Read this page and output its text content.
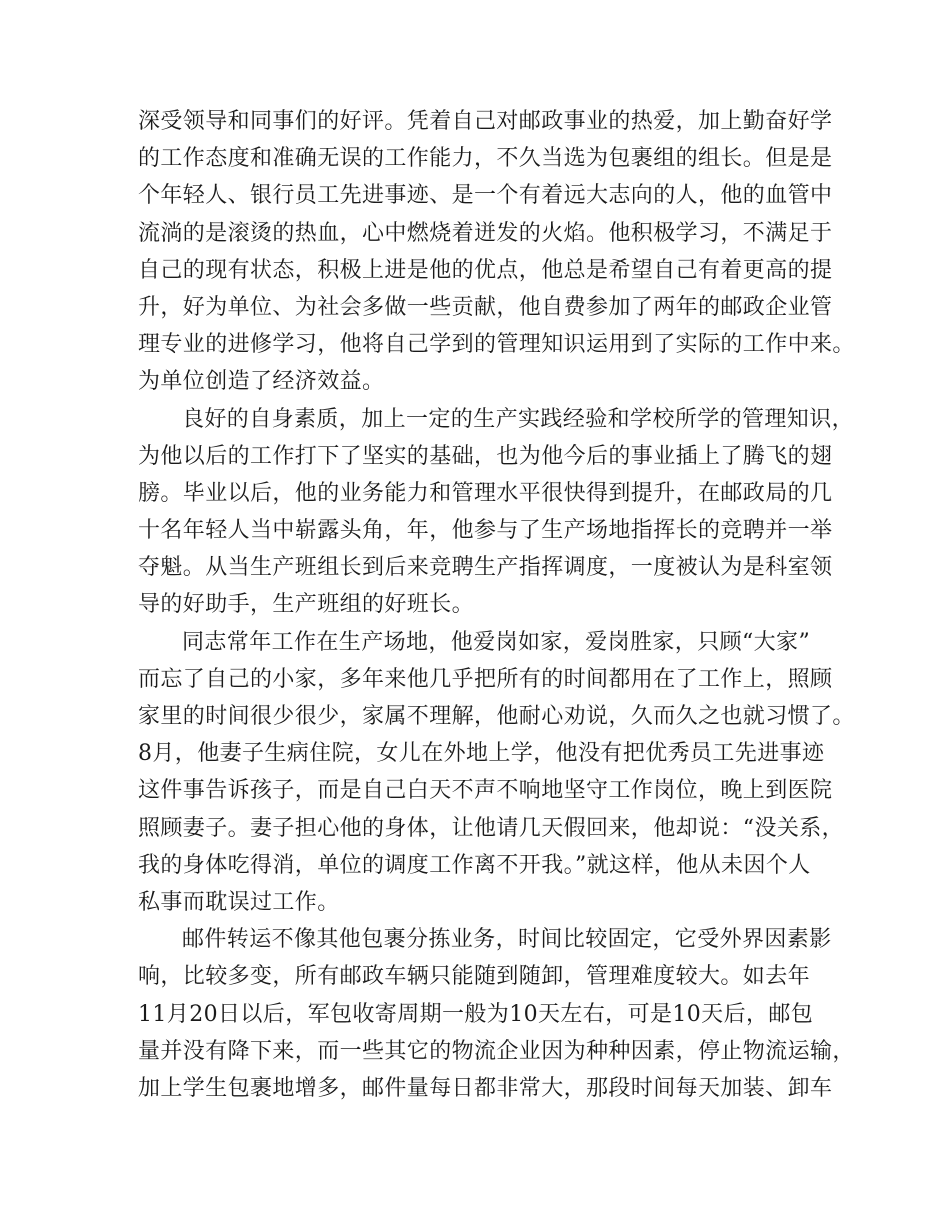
深受领导和同事们的好评。凭着自己对邮政事业的热爱，加上勤奋好学
的工作态度和准确无误的工作能力，不久当选为包裹组的组长。但是是
个年轻人、银行员工先进事迹、是一个有着远大志向的人，他的血管中
流淌的是滚烫的热血，心中燃烧着迸发的火焰。他积极学习，不满足于
自己的现有状态，积极上进是他的优点，他总是希望自己有着更高的提
升，好为单位、为社会多做一些贡献，他自费参加了两年的邮政企业管
理专业的进修学习，他将自己学到的管理知识运用到了实际的工作中来。
为单位创造了经济效益。
良好的自身素质，加上一定的生产实践经验和学校所学的管理知识，
为他以后的工作打下了坚实的基础，也为他今后的事业插上了腾飞的翅
膀。毕业以后，他的业务能力和管理水平很快得到提升，在邮政局的几
十名年轻人当中崭露头角，年，他参与了生产场地指挥长的竞聘并一举
夺魁。从当生产班组长到后来竞聘生产指挥调度，一度被认为是科室领
导的好助手，生产班组的好班长。
同志常年工作在生产场地，他爱岗如家，爱岗胜家，只顾“大家”
而忘了自己的小家，多年来他几乎把所有的时间都用在了工作上，照顾
家里的时间很少很少，家属不理解，他耐心劝说，久而久之也就习惯了。
8月，他妻子生病住院，女儿在外地上学，他没有把优秀员工先进事迹
这件事告诉孩子，而是自己白天不声不响地坚守工作岗位，晚上到医院
照顾妻子。妻子担心他的身体，让他请几天假回来，他却说：“没关系，
我的身体吃得消，单位的调度工作离不开我。”就这样，他从未因个人
私事而耽误过工作。
邮件转运不像其他包裹分拣业务，时间比较固定，它受外界因素影
响，比较多变，所有邮政车辆只能随到随卸，管理难度较大。如去年
11月20日以后，军包收寄周期一般为10天左右，可是10天后，邮包
量并没有降下来，而一些其它的物流企业因为种种因素，停止物流运输，
加上学生包裹地增多，邮件量每日都非常大，那段时间每天加装、卸车
